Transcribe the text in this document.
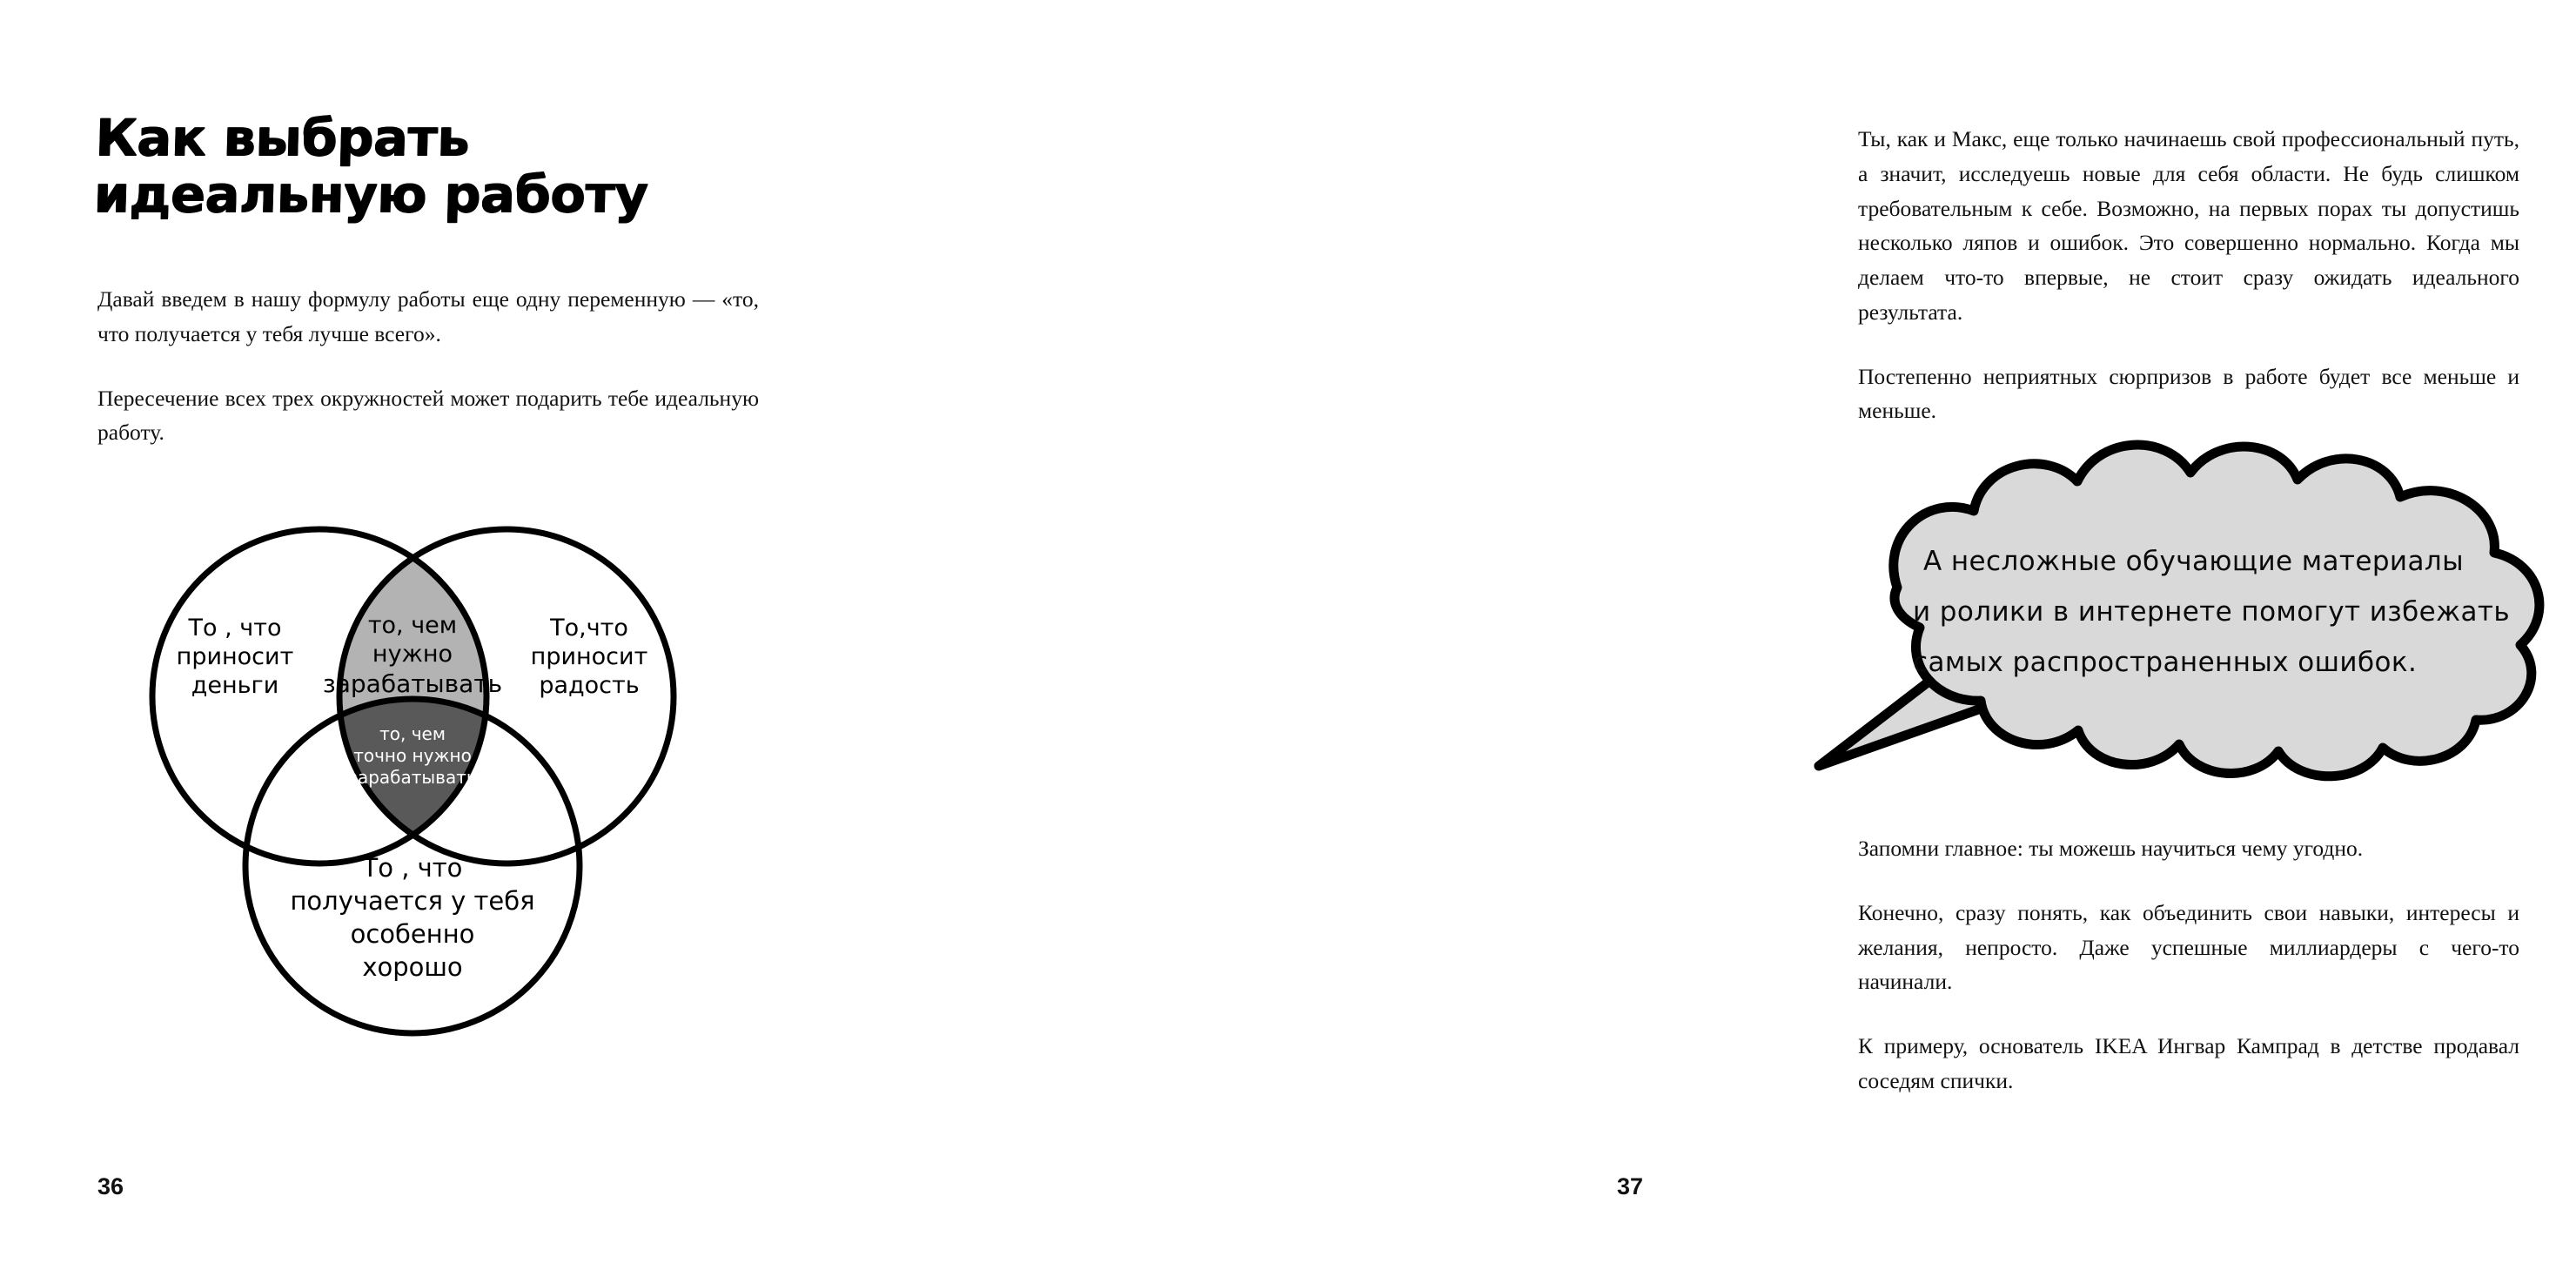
Как выбрать идеальную работу

Давай введем в нашу формулу работы еще одну переменную — «то, что получается у тебя лучше всего».

Пересечение всех трех окружностей может подарить тебе идеальную работу.

То , что
приносит
деньги
То,что
приносит
радость
то, чем
нужно
зарабатывать
то, чем
точно нужно
зарабатывать
То , что
получается у тебя
особенно
хорошо
36

Ты, как и Макс, еще только начинаешь свой профессиональный путь, а значит, исследуешь новые для себя области. Не будь слишком требовательным к себе. Возможно, на первых порах ты допустишь несколько ляпов и ошибок. Это совершенно нормально. Когда мы делаем что-то впервые, не стоит сразу ожидать идеального результата.

Постепенно неприятных сюрпризов в работе будет все меньше и меньше.

А несложные обучающие материалы
и ролики в интернете помогут избежать
самых распространенных ошибок.

Запомни главное: ты можешь научиться чему угодно.

Конечно, сразу понять, как объединить свои навыки, интересы и желания, непросто. Даже успешные миллиардеры с чего-то начинали.

К примеру, основатель IKEA Ингвар Кампрад в детстве продавал соседям спички.

37
